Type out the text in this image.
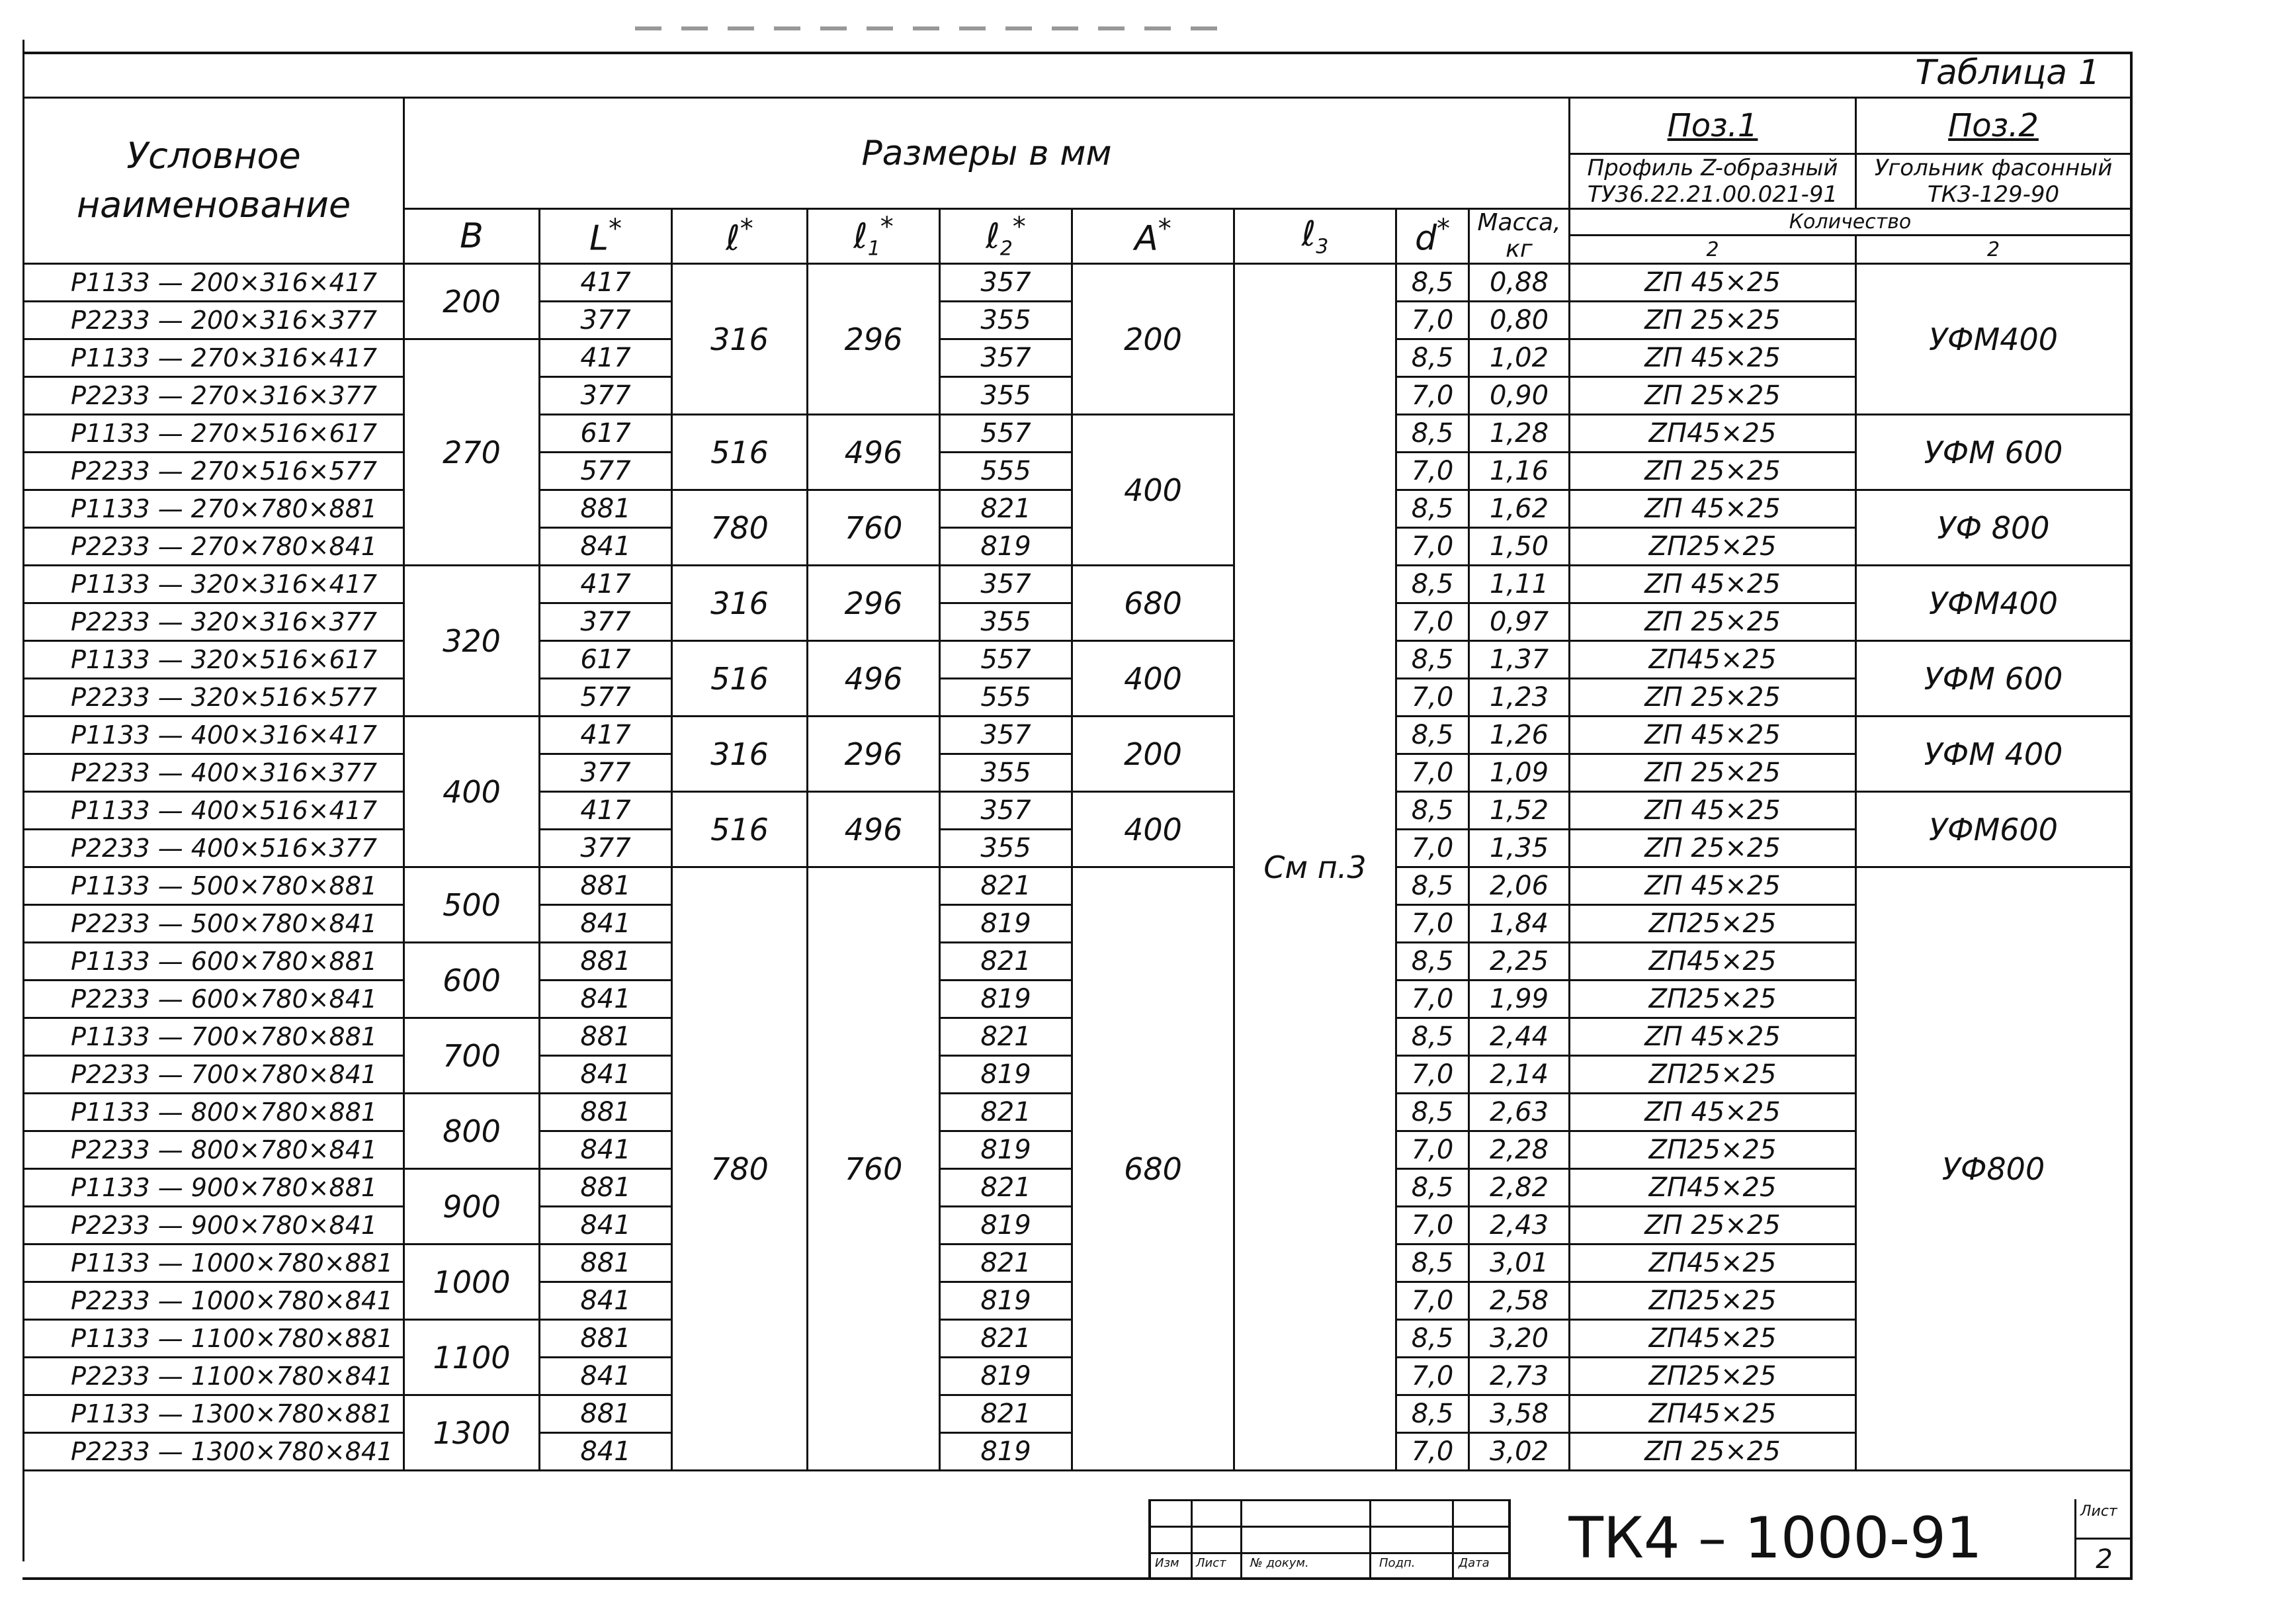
Таблица 1
Условное наименование	Размеры в мм									Поз.1	Поз.2
										Профиль Z-образный ТУ36.22.21.00.021-91	Угольник фасонный ТК3-129-90
	B	L*	ℓ*	ℓ$_1$*	ℓ$_2$*	A*	ℓ$_3$	d*	Масса, кг	Количество	

										2	2

Р1133 — 200×316×417	200	417	316	296	357	200	См п.3	8,5	0,88	ZП 45×25	УФМ400
Р2233 — 200×316×377		377			355			7,0	0,80	ZП 25×25	
Р1133 — 270×316×417	270	417			357			8,5	1,02	ZП 45×25	
Р2233 — 270×316×377		377			355			7,0	0,90	ZП 25×25	
Р1133 — 270×516×617		617	516	496	557	400		8,5	1,28	ZП45×25	УФМ 600
Р2233 — 270×516×577		577			555			7,0	1,16	ZП 25×25	
Р1133 — 270×780×881		881	780	760	821			8,5	1,62	ZП 45×25	УФ 800
Р2233 — 270×780×841		841			819			7,0	1,50	ZП25×25	
Р1133 — 320×316×417	320	417	316	296	357	680		8,5	1,11	ZП 45×25	УФМ400
Р2233 — 320×316×377		377			355			7,0	0,97	ZП 25×25	
Р1133 — 320×516×617		617	516	496	557	400		8,5	1,37	ZП45×25	УФМ 600
Р2233 — 320×516×577		577			555			7,0	1,23	ZП 25×25	
Р1133 — 400×316×417	400	417	316	296	357	200		8,5	1,26	ZП 45×25	УФМ 400
Р2233 — 400×316×377		377			355			7,0	1,09	ZП 25×25	
Р1133 — 400×516×417		417	516	496	357	400		8,5	1,52	ZП 45×25	УФМ600
Р2233 — 400×516×377		377			355			7,0	1,35	ZП 25×25	
Р1133 — 500×780×881	500	881	780	760	821	680		8,5	2,06	ZП 45×25	УФ800
Р2233 — 500×780×841		841			819			7,0	1,84	ZП25×25	
Р1133 — 600×780×881	600	881			821			8,5	2,25	ZП45×25	
Р2233 — 600×780×841		841			819			7,0	1,99	ZП25×25	
Р1133 — 700×780×881	700	881			821			8,5	2,44	ZП 45×25	
Р2233 — 700×780×841		841			819			7,0	2,14	ZП25×25	
Р1133 — 800×780×881	800	881			821			8,5	2,63	ZП 45×25	
Р2233 — 800×780×841		841			819			7,0	2,28	ZП25×25	
Р1133 — 900×780×881	900	881			821			8,5	2,82	ZП45×25	
Р2233 — 900×780×841		841			819			7,0	2,43	ZП 25×25	
Р1133 — 1000×780×881	1000	881			821			8,5	3,01	ZП45×25	
Р2233 — 1000×780×841		841			819			7,0	2,58	ZП25×25	
Р1133 — 1100×780×881	1100	881			821			8,5	3,20	ZП45×25	
Р2233 — 1100×780×841		841			819			7,0	2,73	ZП25×25	
Р1133 — 1300×780×881	1300	881			821			8,5	3,58	ZП45×25	
Р2233 — 1300×780×841		841			819			7,0	3,02	ZП 25×25	
Изм Лист № докум.	Подп.	Дата	ТК4 – 1000-91	Лист
2
